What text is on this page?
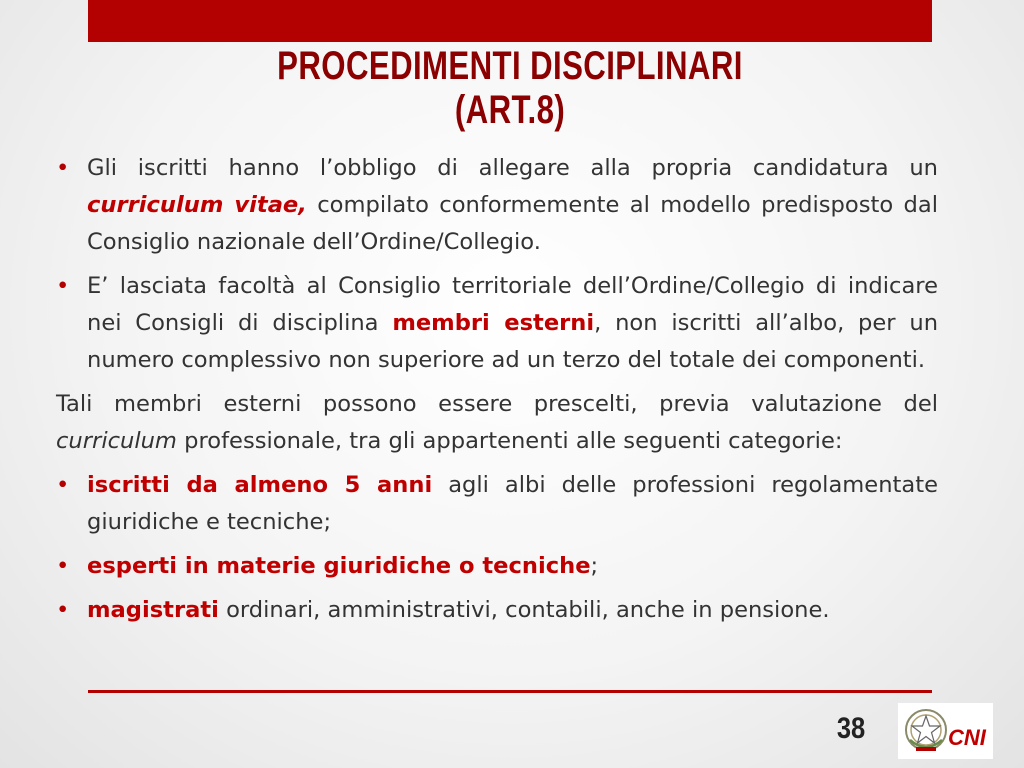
PROCEDIMENTI DISCIPLINARI
(ART.8)
• Gli iscritti hanno l’obbligo di allegare alla propria candidatura un curriculum vitae, compilato conformemente al modello predisposto dal Consiglio nazionale dell’Ordine/Collegio.
• E’ lasciata facoltà al Consiglio territoriale dell’Ordine/Collegio di indicare nei Consigli di disciplina membri esterni, non iscritti all’albo, per un numero complessivo non superiore ad un terzo del totale dei componenti.
Tali membri esterni possono essere prescelti, previa valutazione del curriculum professionale, tra gli appartenenti alle seguenti categorie:
• iscritti da almeno 5 anni agli albi delle professioni regolamentate giuridiche e tecniche;
• esperti in materie giuridiche o tecniche;
• magistrati ordinari, amministrativi, contabili, anche in pensione.
38	CNI
